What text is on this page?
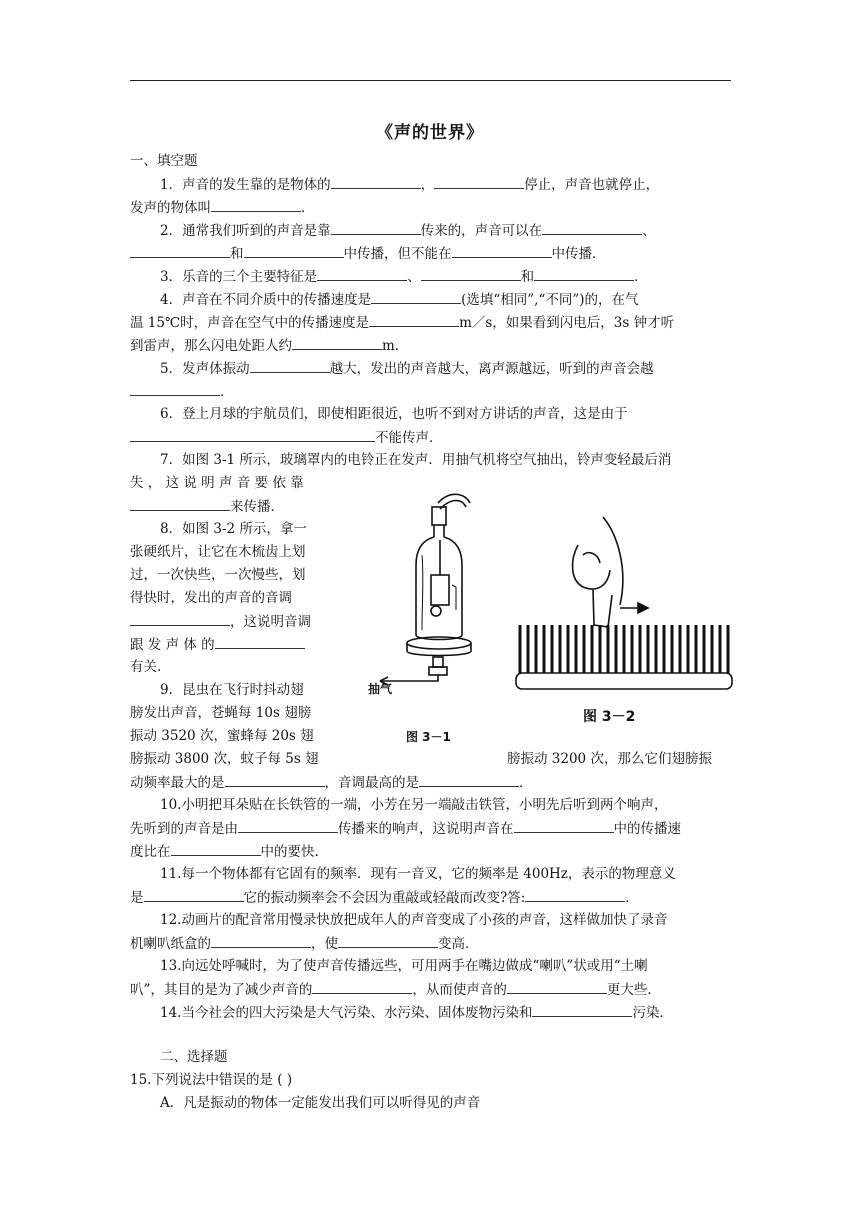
《声的世界》
一、填空题
1．声音的发生靠的是物体的	，	停止，声音也就停止，
发声的物体叫	．
2．通常我们听到的声音是靠	传来的，声音可以在	、
和	中传播，但不能在	中传播．
3．乐音的三个主要特征是	、	和	．
4．声音在不同介质中的传播速度是	(选填“相同”,“不同”)的，在气
温 15℃时，声音在空气中的传播速度是	m／s，如果看到闪电后，3s 钟才听
到雷声，那么闪电处距人约	m．
5．发声体振动	越大，发出的声音越大，离声源越远，听到的声音会越
．
6．登上月球的宇航员们，即使相距很近，也听不到对方讲话的声音，这是由于
不能传声．
7．如图 3-1 所示，玻璃罩内的电铃正在发声．用抽气机将空气抽出，铃声变轻最后消
失 ， 这 说 明 声 音 要 依 靠
来传播．
8．如图 3-2 所示，拿一
张硬纸片，让它在木梳齿上划
过，一次快些，一次慢些，划
得快时，发出的声音的音调
，这说明音调
跟 发 声 体 的
有关.
9．昆虫在飞行时抖动翅
膀发出声音，苍蝇每 10s 翅膀
振动 3520 次，蜜蜂每 20s 翅
膀振动 3800 次，蚊子每 5s 翅	膀振动 3200 次，那么它们翅膀振
动频率最大的是	，音调最高的是	．
抽气
图 3－1
图 3－2
10.小明把耳朵贴在长铁管的一端，小芳在另一端敲击铁管，小明先后听到两个响声，
先听到的声音是由	传播来的响声，这说明声音在	中的传播速
度比在	中的要快.
11.每一个物体都有它固有的频率．现有一音叉，它的频率是 400Hz，表示的物理意义
是	它的振动频率会不会因为重敲或轻敲而改变?答:	．
12.动画片的配音常用慢录快放把成年人的声音变成了小孩的声音，这样做加快了录音
机喇叭纸盒的	，使	变高．
13.向远处呼喊时，为了使声音传播远些，可用两手在嘴边做成“喇叭”状或用“土喇
叭”，其目的是为了减少声音的	，从而使声音的	更大些．
14.当今社会的四大污染是大气污染、水污染、固体废物污染和	污染．
二、选择题
15.下列说法中错误的是 ( )
A．凡是振动的物体一定能发出我们可以听得见的声音
